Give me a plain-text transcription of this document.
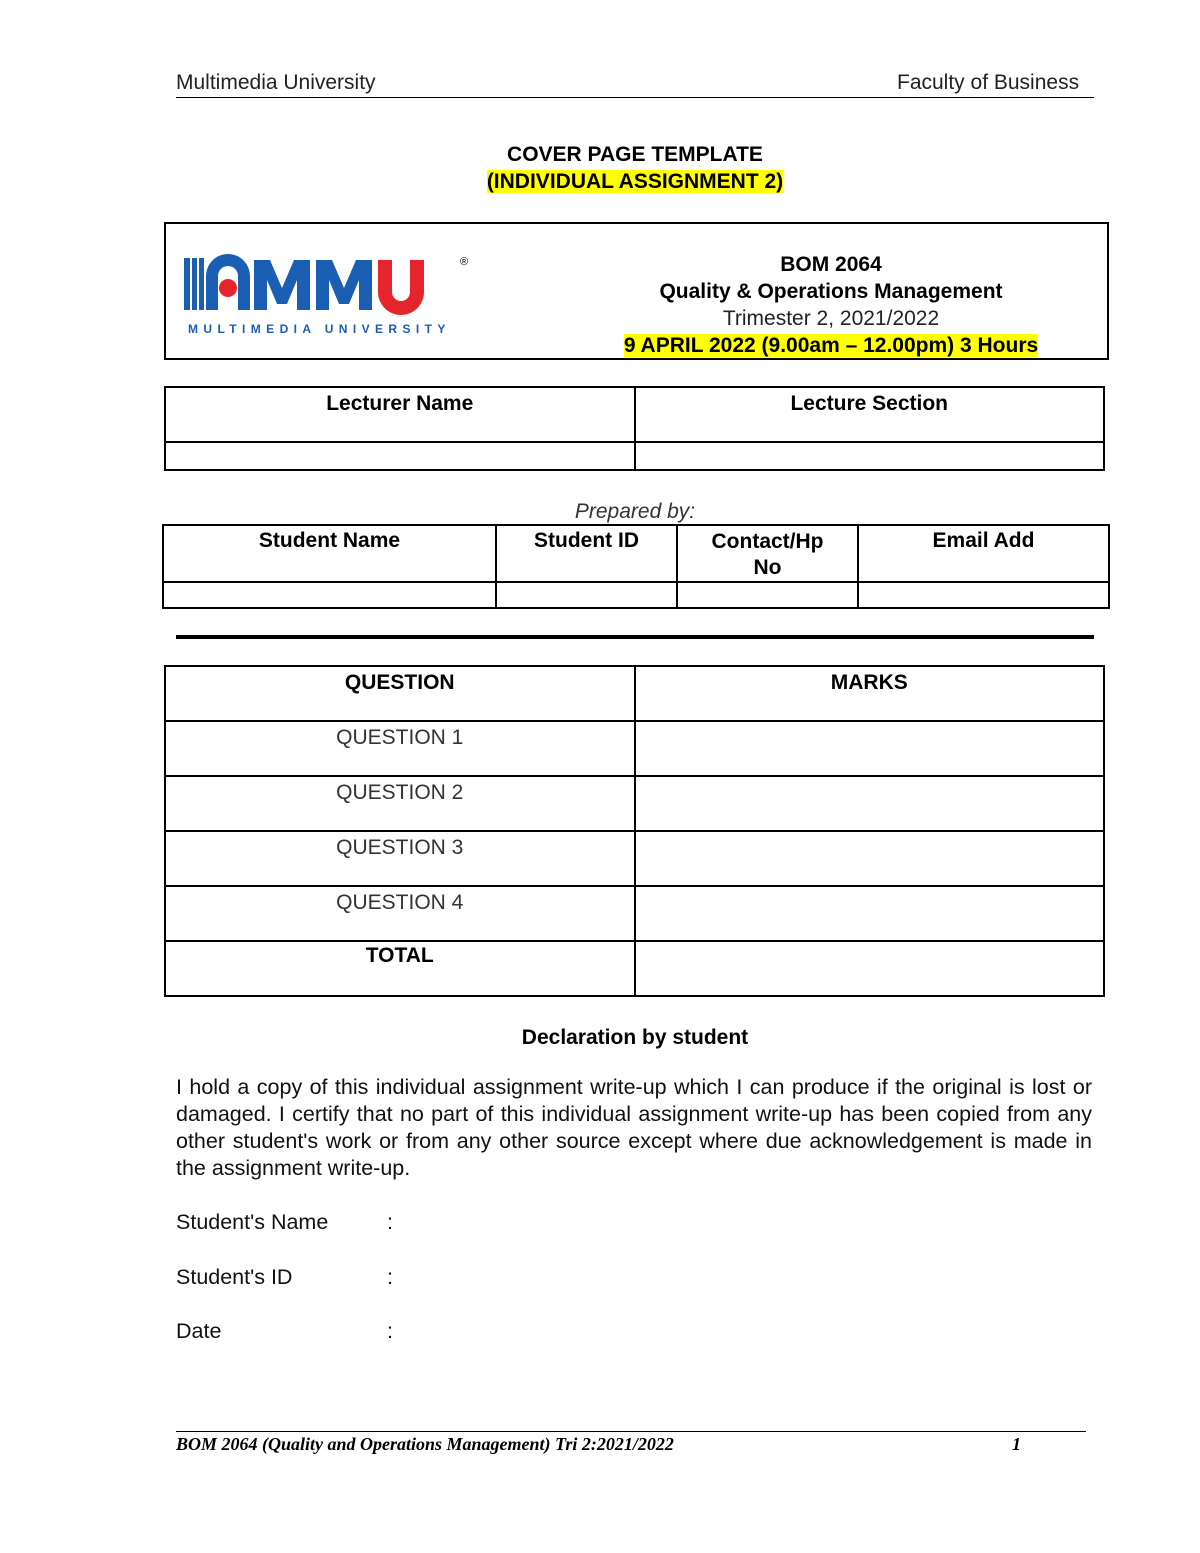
Multimedia University	Faculty of Business
COVER PAGE TEMPLATE
(INDIVIDUAL ASSIGNMENT 2)
®
MULTIMEDIA UNIVERSITY
BOM 2064
Quality & Operations Management
Trimester 2, 2021/2022
9 APRIL 2022 (9.00am – 12.00pm) 3 Hours
Lecturer Name	Lecture Section

Prepared by:
Student Name	Student ID	Contact/Hp No	Email Add

QUESTION	MARKS
QUESTION 1	
QUESTION 2	
QUESTION 3	
QUESTION 4	
TOTAL	
Declaration by student
I hold a copy of this individual assignment write-up which I can produce if the original is lost or damaged. I certify that no part of this individual assignment write-up has been copied from any other student's work or from any other source except where due acknowledgement is made in the assignment write-up.
Student's Name	:
Student's ID	:
Date	:
BOM 2064 (Quality and Operations Management) Tri 2:2021/2022	1
